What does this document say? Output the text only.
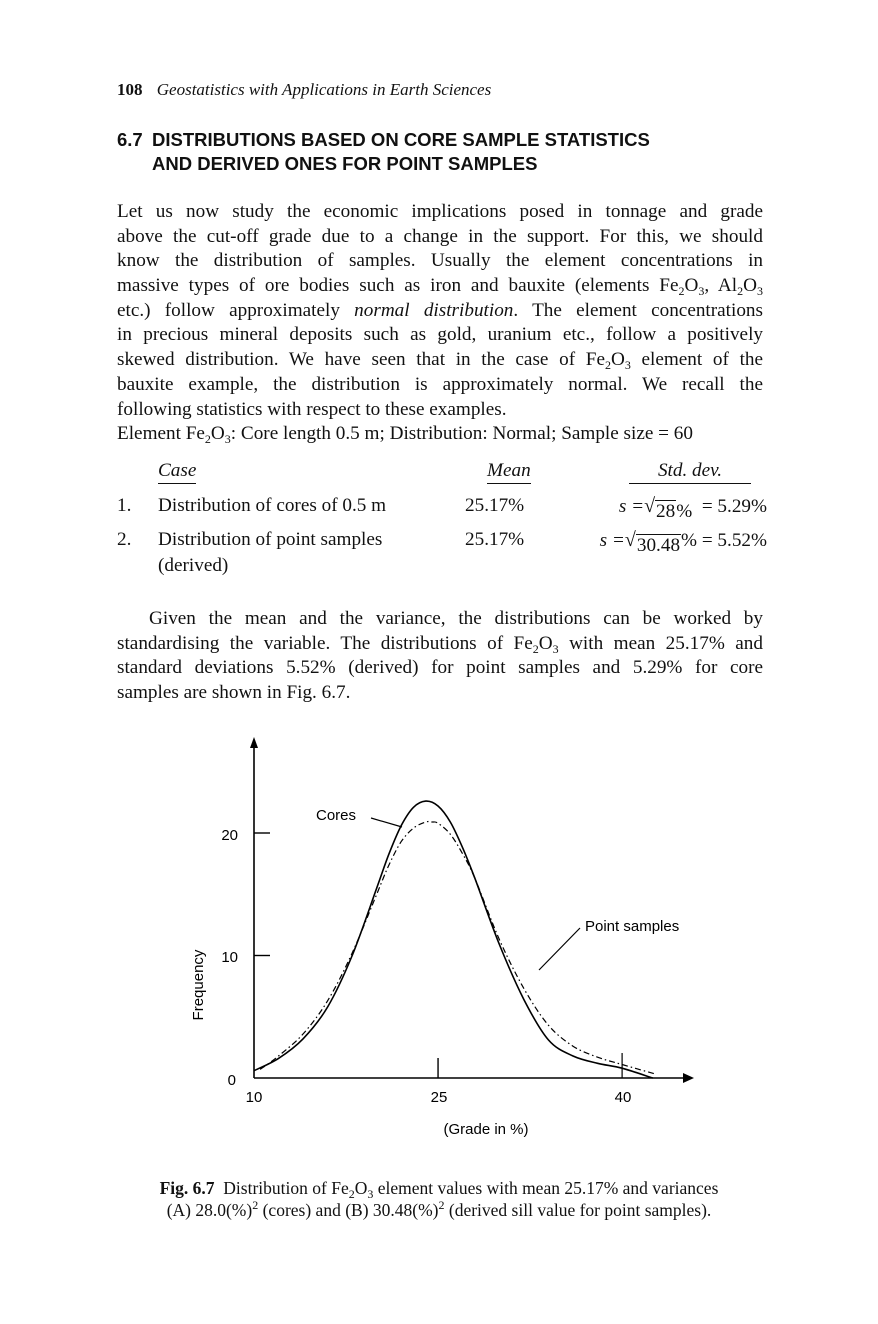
108 Geostatistics with Applications in Earth Sciences
6.7 DISTRIBUTIONS BASED ON CORE SAMPLE STATISTICS
AND DERIVED ONES FOR POINT SAMPLES
Let us now study the economic implications posed in tonnage and grade
above the cut-off grade due to a change in the support. For this, we should
know the distribution of samples. Usually the element concentrations in
massive types of ore bodies such as iron and bauxite (elements $Fe_2O_3$, $Al_2O_3$
etc.) follow approximately normal distribution. The element concentrations
in precious mineral deposits such as gold, uranium etc., follow a positively
skewed distribution. We have seen that in the case of $Fe_2O_3$ element of the
bauxite example, the distribution is approximately normal. We recall the
following statistics with respect to these examples.
Element $Fe_2O_3$: Core length 0.5 m; Distribution: Normal; Sample size = 60
Case	Mean	Std. dev.
1. Distribution of cores of 0.5 m	25.17%	s =√28% = 5.29%
2. Distribution of point samples
(derived)
25.17%	s =√30.48% = 5.52%
Given the mean and the variance, the distributions can be worked by
standardising the variable. The distributions of $Fe_2O_3$ with mean 25.17% and
standard deviations 5.52% (derived) for point samples and 5.29% for core
samples are shown in Fig. 6.7.
Cores
Point samples
(Grade in %)
Frequency
0
10
20
10	25	40
Fig. 6.7 Distribution of $Fe_2O_3$ element values with mean 25.17% and variances
(A) 28.0(%)$^2$ (cores) and (B) 30.48(%)$^2$ (derived sill value for point samples).
